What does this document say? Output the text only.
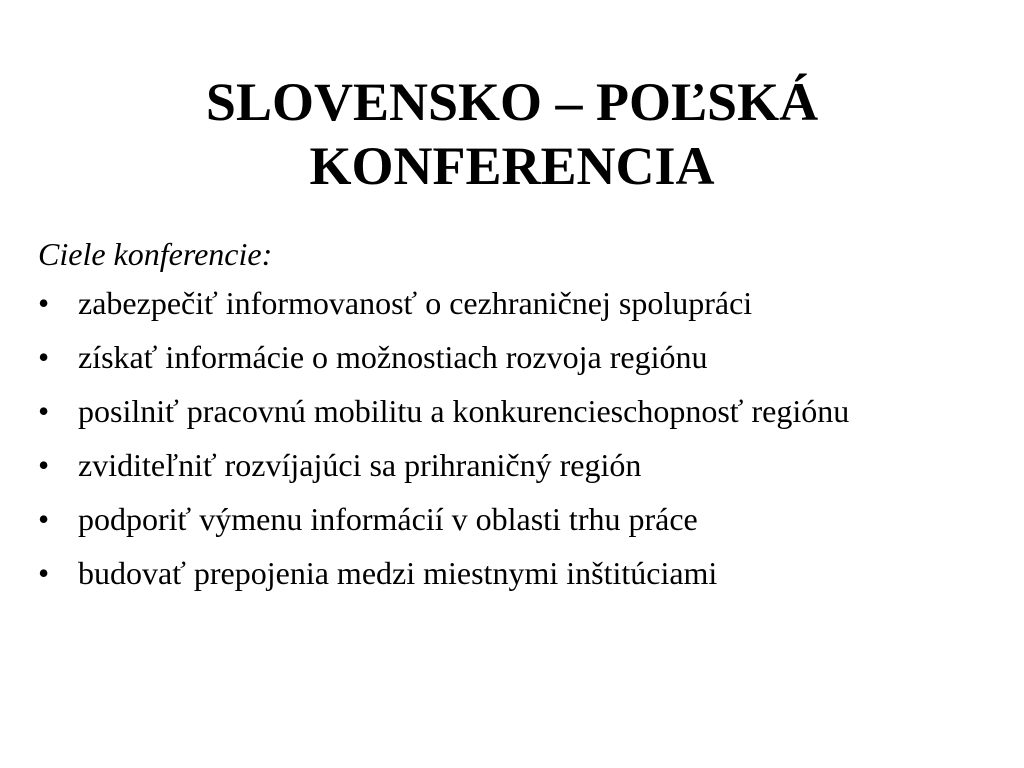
SLOVENSKO – POĽSKÁ
KONFERENCIA

Ciele konferencie:

• zabezpečiť informovanosť o cezhraničnej spolupráci
• získať informácie o možnostiach rozvoja regiónu
• posilniť pracovnú mobilitu a konkurencieschopnosť regiónu
• zviditeľniť rozvíjajúci sa prihraničný región
• podporiť výmenu informácií v oblasti trhu práce
• budovať prepojenia medzi miestnymi inštitúciami
